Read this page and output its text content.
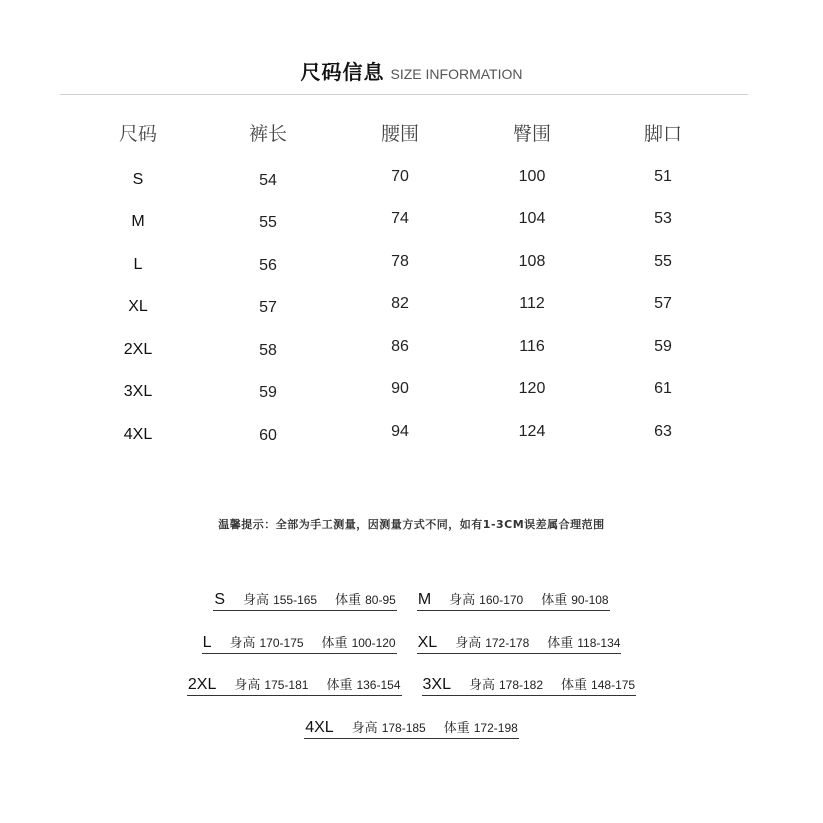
尺码信息 SIZE INFORMATION
尺码	裤长	腰围	臀围	脚口
S	54	70	100	51
M	55	74	104	53
L	56	78	108	55
XL	57	82	112	57
2XL	58	86	116	59
3XL	59	90	120	61
4XL	60	94	124	63
温馨提示：全部为手工测量，因测量方式不同，如有1-3CM误差属合理范围
S 身高 155-165 体重 80-95 M 身高 160-170 体重 90-108
L 身高 170-175 体重 100-120 XL 身高 172-178 体重 118-134
2XL 身高 175-181 体重 136-154 3XL 身高 178-182 体重 148-175
4XL 身高 178-185 体重 172-198
